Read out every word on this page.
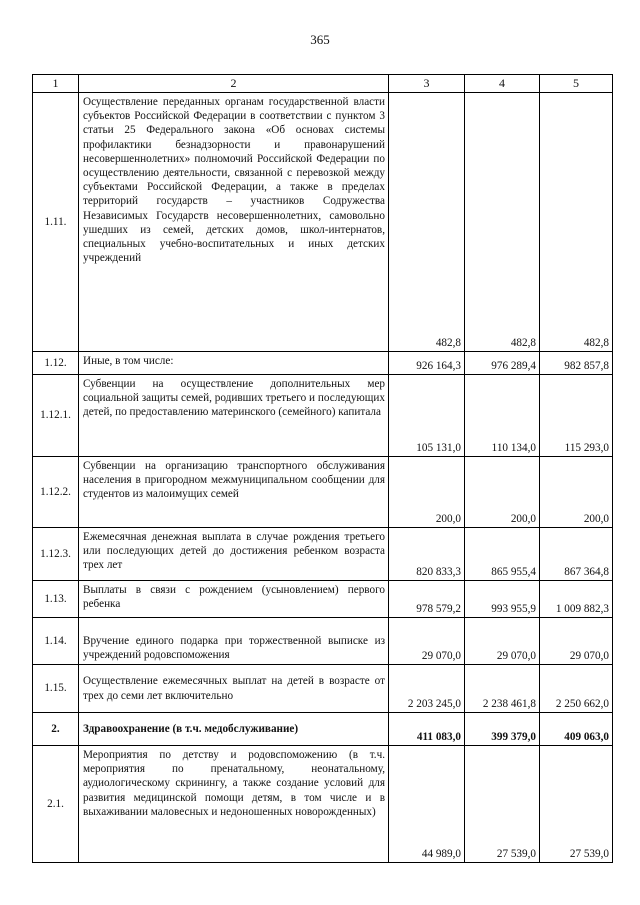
365
1	2	3	4	5
1.11.	Осуществление переданных органам государственной власти субъектов Российской Федерации в соответствии с пунктом 3 статьи 25 Федерального закона «Об основах системы профилактики безнадзорности и правонарушений несовершеннолетних» полномочий Российской Федерации по осуществлению деятельности, связанной с перевозкой между субъектами Российской Федерации, а также в пределах территорий государств – участников Содружества Независимых Государств несовершеннолетних, самовольно ушедших из семей, детских домов, школ-интернатов, специальных учебно-воспитательных и иных детских учреждений	482,8	482,8	482,8
1.12.	Иные, в том числе:	926 164,3	976 289,4	982 857,8
1.12.1.	Субвенции на осуществление дополнительных мер социальной защиты семей, родивших третьего и последующих детей, по предоставлению материнского (семейного) капитала	105 131,0	110 134,0	115 293,0
1.12.2.	Субвенции на организацию транспортного обслуживания населения в пригородном межмуниципальном сообщении для студентов из малоимущих семей	200,0	200,0	200,0
1.12.3.	Ежемесячная денежная выплата в случае рождения третьего или последующих детей до достижения ребенком возраста трех лет	820 833,3	865 955,4	867 364,8
1.13.	Выплаты в связи с рождением (усыновлением) первого ребенка	978 579,2	993 955,9	1 009 882,3
1.14.	Вручение единого подарка при торжественной выписке из учреждений родовспоможения	29 070,0	29 070,0	29 070,0
1.15.	Осуществление ежемесячных выплат на детей в возрасте от трех до семи лет включительно	2 203 245,0	2 238 461,8	2 250 662,0
2.	Здравоохранение (в т.ч. медобслуживание)	411 083,0	399 379,0	409 063,0
2.1.	Мероприятия по детству и родовспоможению (в т.ч. мероприятия по пренатальному, неонатальному, аудиологическому скринингу, а также создание условий для развития медицинской помощи детям, в том числе и в выхаживании маловесных и недоношенных новорожденных)	44 989,0	27 539,0	27 539,0
